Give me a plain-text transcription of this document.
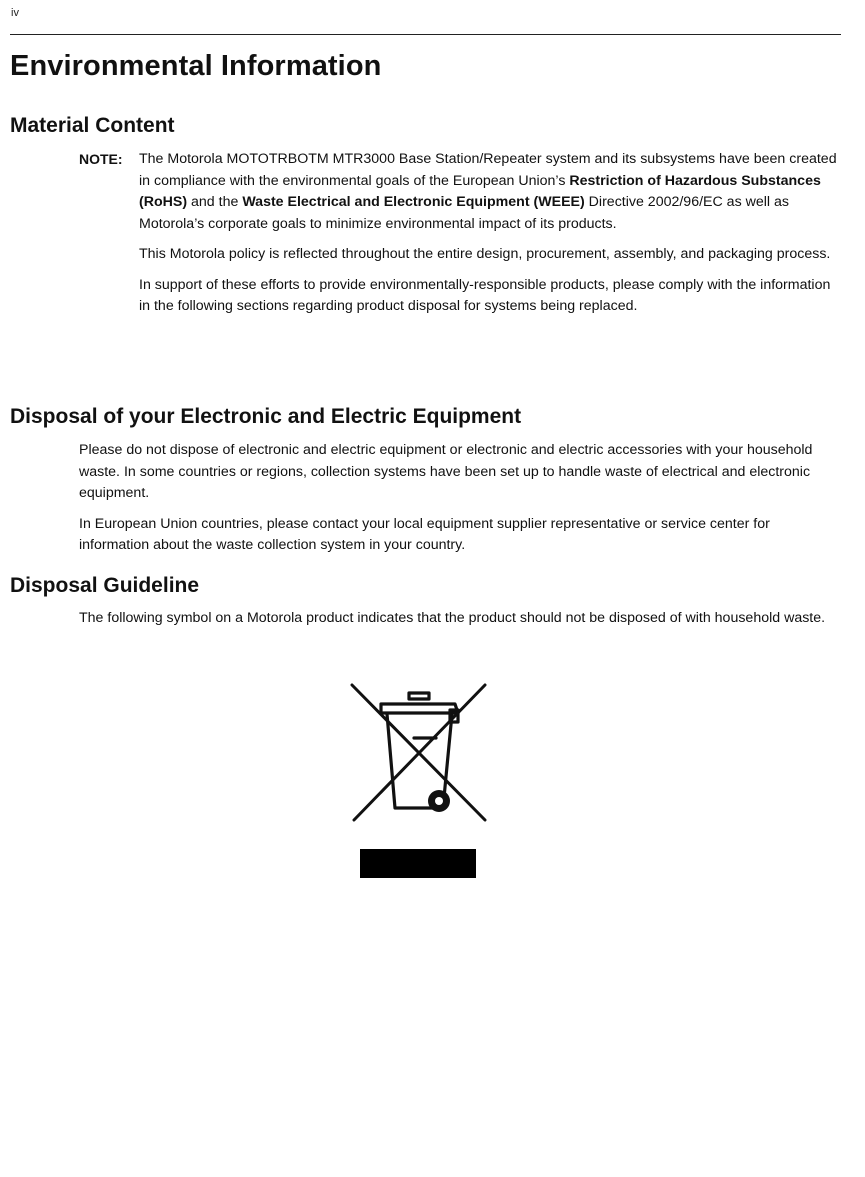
iv
Environmental Information
Material Content
NOTE: The Motorola MOTOTRBOTM MTR3000 Base Station/Repeater system and its subsystems have been created in compliance with the environmental goals of the European Union’s Restriction of Hazardous Substances (RoHS) and the Waste Electrical and Electronic Equipment (WEEE) Directive 2002/96/EC as well as Motorola’s corporate goals to minimize environmental impact of its products.

This Motorola policy is reflected throughout the entire design, procurement, assembly, and packaging process.

In support of these efforts to provide environmentally-responsible products, please comply with the information in the following sections regarding product disposal for systems being replaced.

Disposal of your Electronic and Electric Equipment

Please do not dispose of electronic and electric equipment or electronic and electric accessories with your household waste. In some countries or regions, collection systems have been set up to handle waste of electrical and electronic equipment.

In European Union countries, please contact your local equipment supplier representative or service center for information about the waste collection system in your country.

Disposal Guideline

The following symbol on a Motorola product indicates that the product should not be disposed of with household waste.
